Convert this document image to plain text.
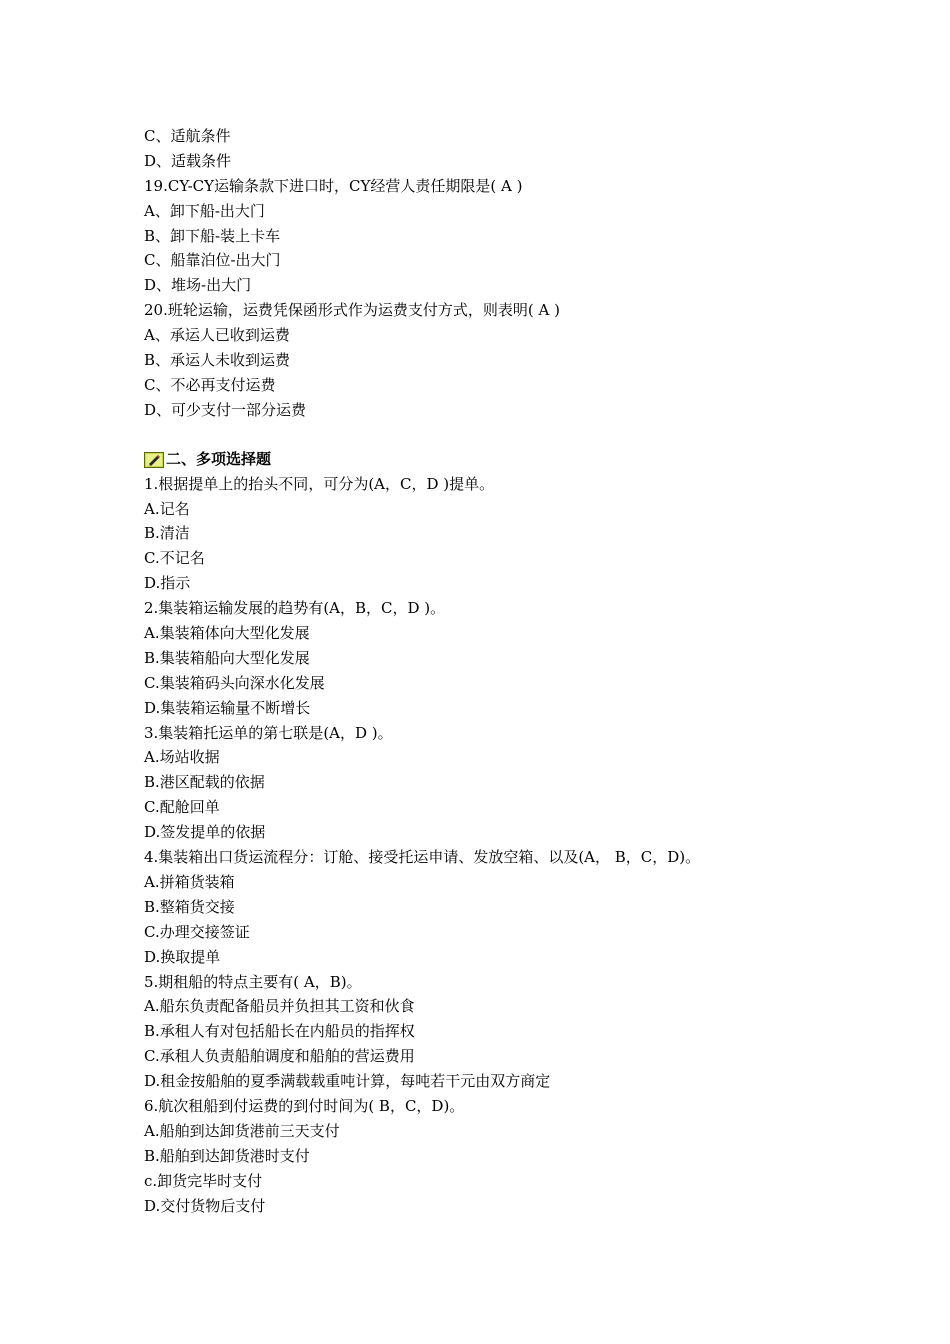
C、适航条件
D、适载条件
19.CY-CY运输条款下进口时，CY经营人责任期限是( A )
A、卸下船-出大门
B、卸下船-装上卡车
C、船靠泊位-出大门
D、堆场-出大门
20.班轮运输，运费凭保函形式作为运费支付方式，则表明( A )
A、承运人已收到运费
B、承运人未收到运费
C、不必再支付运费
D、可少支付一部分运费
二、多项选择题
1.根据提单上的抬头不同，可分为(A，C，D )提单。
A.记名
B.清洁
C.不记名
D.指示
2.集装箱运输发展的趋势有(A，B，C，D )。
A.集装箱体向大型化发展
B.集装箱船向大型化发展
C.集装箱码头向深水化发展
D.集装箱运输量不断增长
3.集装箱托运单的第七联是(A，D )。
A.场站收据
B.港区配载的依据
C.配舱回单
D.签发提单的依据
4.集装箱出口货运流程分：订舱、接受托运申请、发放空箱、以及(A， B，C，D)。
A.拼箱货装箱
B.整箱货交接
C.办理交接签证
D.换取提单
5.期租船的特点主要有( A，B)。
A.船东负责配备船员并负担其工资和伙食
B.承租人有对包括船长在内船员的指挥权
C.承租人负责船舶调度和船舶的营运费用
D.租金按船舶的夏季满载载重吨计算，每吨若干元由双方商定
6.航次租船到付运费的到付时间为( B，C，D)。
A.船舶到达卸货港前三天支付
B.船舶到达卸货港时支付
c.卸货完毕时支付
D.交付货物后支付
